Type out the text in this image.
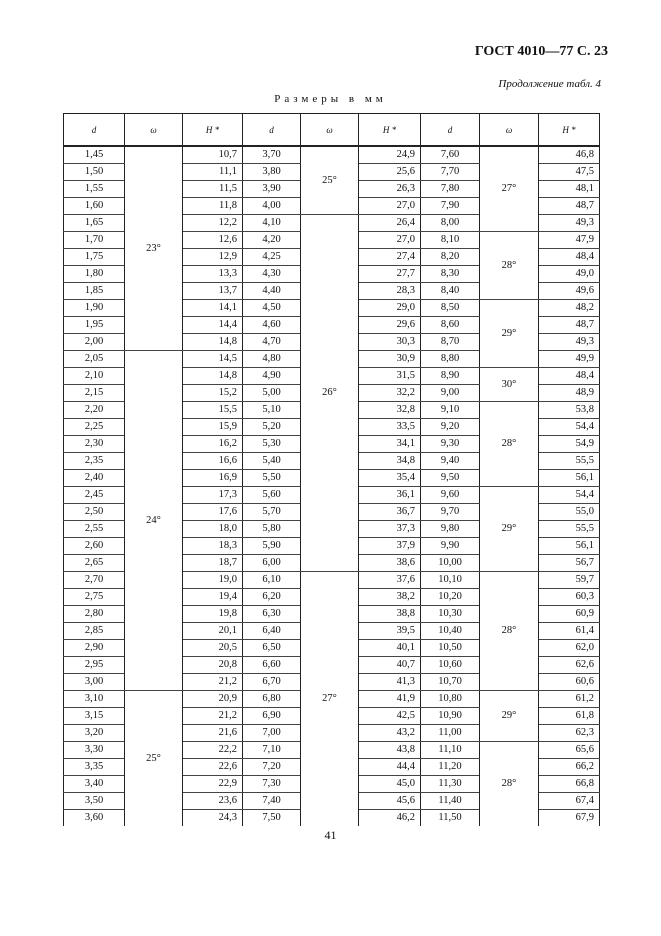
ГОСТ 4010—77 С. 23
Продолжение табл. 4
Размеры в мм
d	ω	H *	d	ω	H *	d	ω	H *
1,45	23°	10,7	3,70	25°	24,9	7,60	27°	46,8
1,50		11,1	3,80		25,6	7,70		47,5
1,55		11,5	3,90		26,3	7,80		48,1
1,60		11,8	4,00		27,0	7,90		48,7
1,65		12,2	4,10	26°	26,4	8,00		49,3
1,70		12,6	4,20		27,0	8,10	28°	47,9
1,75		12,9	4,25		27,4	8,20		48,4
1,80		13,3	4,30		27,7	8,30		49,0
1,85		13,7	4,40		28,3	8,40		49,6
1,90		14,1	4,50		29,0	8,50	29°	48,2
1,95		14,4	4,60		29,6	8,60		48,7
2,00		14,8	4,70		30,3	8,70		49,3
2,05	24°	14,5	4,80		30,9	8,80		49,9
2,10		14,8	4,90		31,5	8,90	30°	48,4
2,15		15,2	5,00		32,2	9,00		48,9
2,20		15,5	5,10		32,8	9,10	28°	53,8
2,25		15,9	5,20		33,5	9,20		54,4
2,30		16,2	5,30		34,1	9,30		54,9
2,35		16,6	5,40		34,8	9,40		55,5
2,40		16,9	5,50		35,4	9,50		56,1
2,45		17,3	5,60		36,1	9,60	29°	54,4
2,50		17,6	5,70		36,7	9,70		55,0
2,55		18,0	5,80		37,3	9,80		55,5
2,60		18,3	5,90		37,9	9,90		56,1
2,65		18,7	6,00		38,6	10,00		56,7
2,70		19,0	6,10	27°	37,6	10,10	28°	59,7
2,75		19,4	6,20		38,2	10,20		60,3
2,80		19,8	6,30		38,8	10,30		60,9
2,85		20,1	6,40		39,5	10,40		61,4
2,90		20,5	6,50		40,1	10,50		62,0
2,95		20,8	6,60		40,7	10,60		62,6
3,00		21,2	6,70		41,3	10,70		60,6
3,10	25°	20,9	6,80		41,9	10,80	29°	61,2
3,15		21,2	6,90		42,5	10,90		61,8
3,20		21,6	7,00		43,2	11,00		62,3
3,30		22,2	7,10		43,8	11,10	28°	65,6
3,35		22,6	7,20		44,4	11,20		66,2
3,40		22,9	7,30		45,0	11,30		66,8
3,50		23,6	7,40		45,6	11,40		67,4
3,60		24,3	7,50		46,2	11,50		67,9
41
